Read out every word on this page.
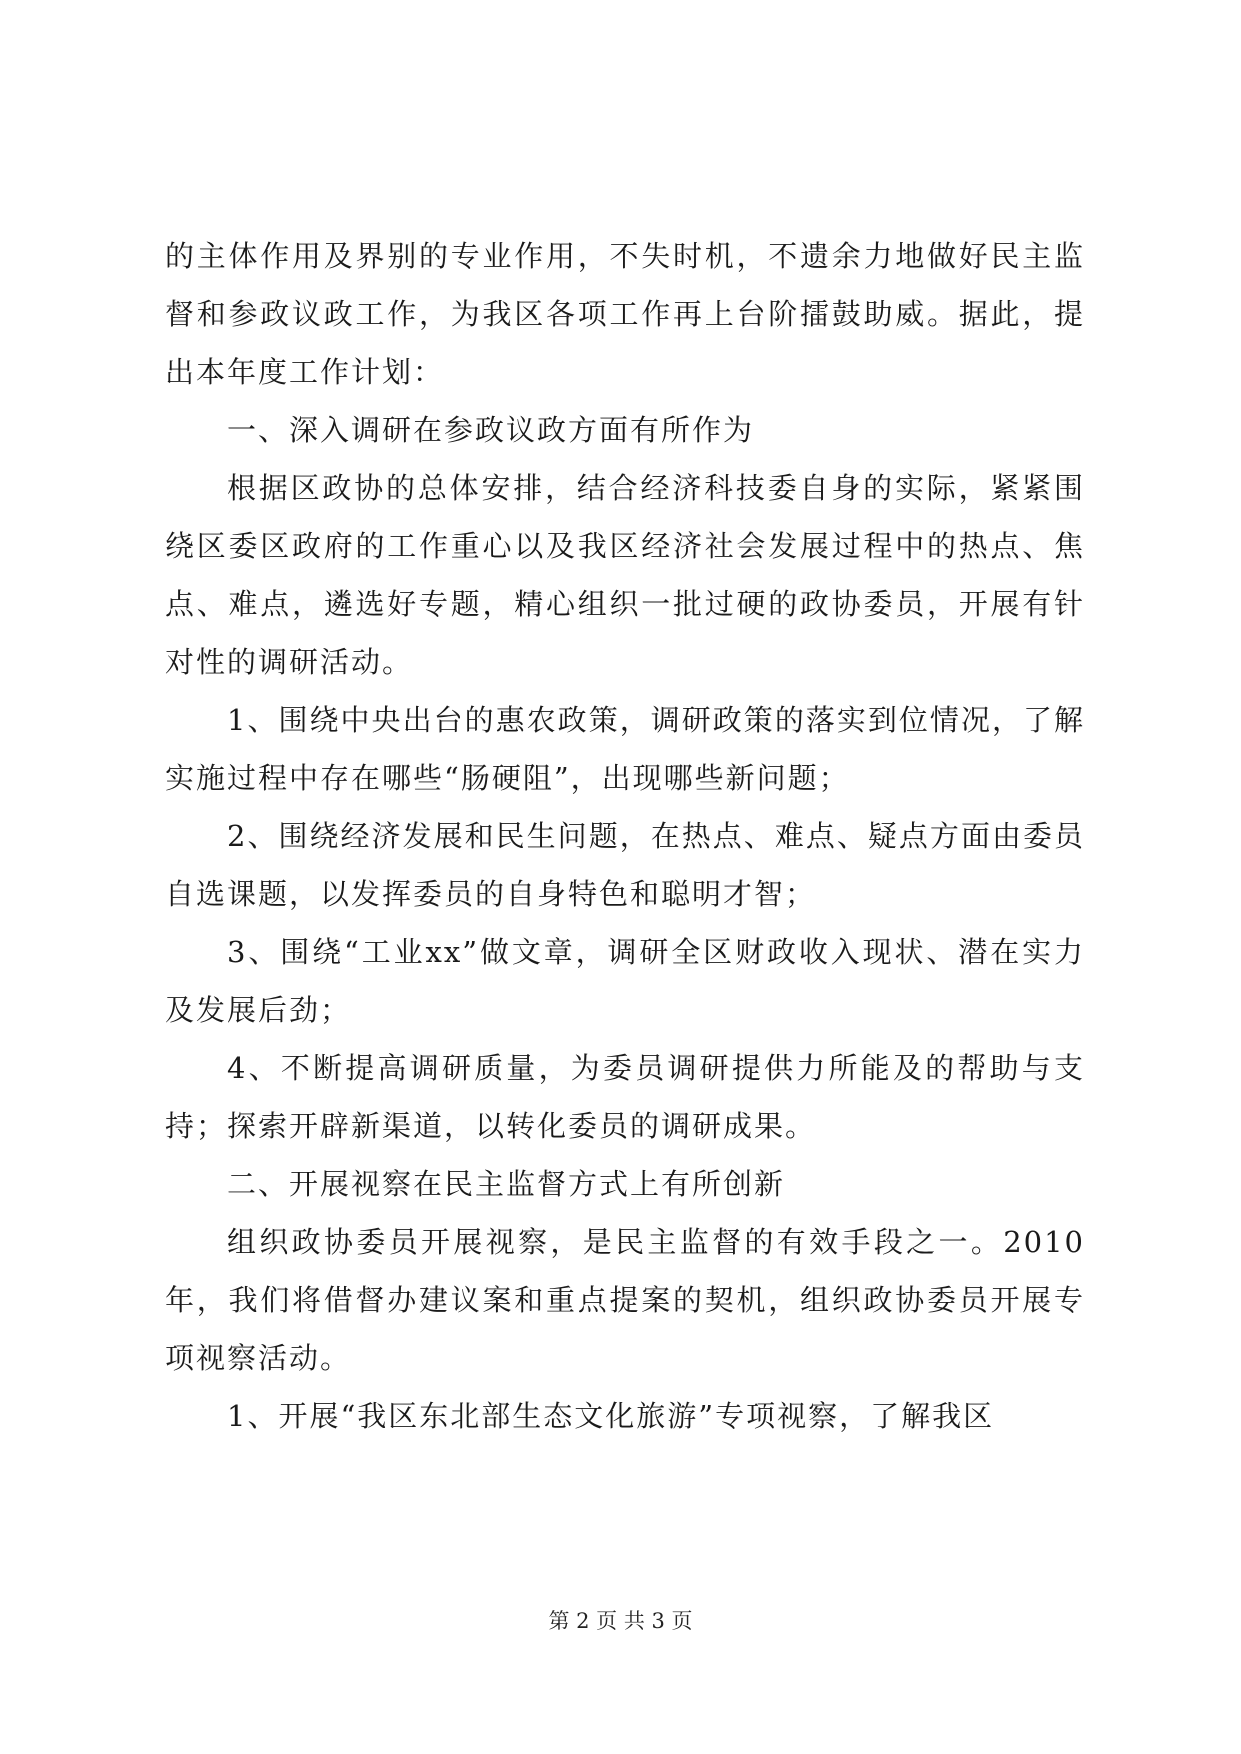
的主体作用及界别的专业作用，不失时机，不遗余力地做好民主监督和参政议政工作，为我区各项工作再上台阶擂鼓助威。据此，提出本年度工作计划：

一、深入调研在参政议政方面有所作为

根据区政协的总体安排，结合经济科技委自身的实际，紧紧围绕区委区政府的工作重心以及我区经济社会发展过程中的热点、焦点、难点，遴选好专题，精心组织一批过硬的政协委员，开展有针对性的调研活动。

1、围绕中央出台的惠农政策，调研政策的落实到位情况，了解实施过程中存在哪些“肠硬阻”，出现哪些新问题；

2、围绕经济发展和民生问题，在热点、难点、疑点方面由委员自选课题，以发挥委员的自身特色和聪明才智；

3、围绕“工业xx”做文章，调研全区财政收入现状、潜在实力及发展后劲；

4、不断提高调研质量，为委员调研提供力所能及的帮助与支持；探索开辟新渠道，以转化委员的调研成果。

二、开展视察在民主监督方式上有所创新

组织政协委员开展视察，是民主监督的有效手段之一。2010年，我们将借督办建议案和重点提案的契机，组织政协委员开展专项视察活动。

1、开展“我区东北部生态文化旅游”专项视察，了解我区

第 2 页 共 3 页
